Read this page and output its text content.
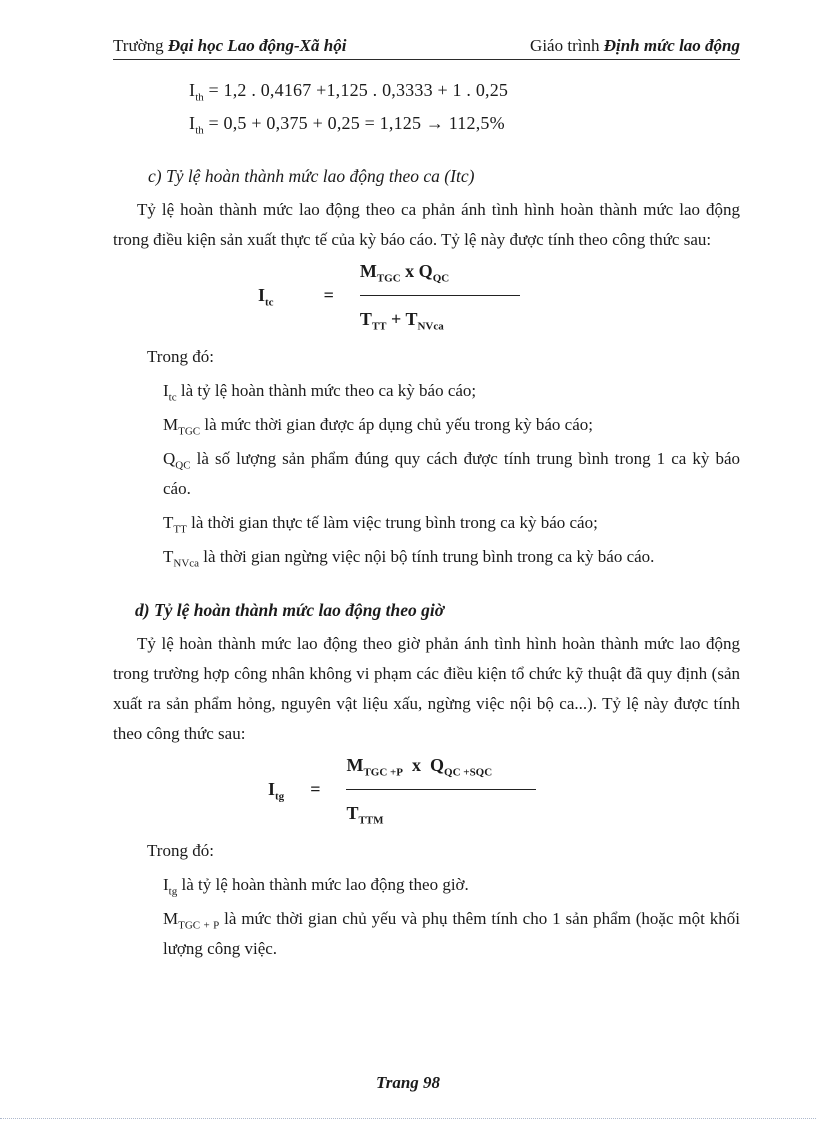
Trường Đại học Lao động-Xã hội	Giáo trình Định mức lao động

$I_{th} = 1,2$ . 0,4167 +1,125 . 0,3333 + 1 . 0,25

$I_{th} = 0,5 + 0,375 + 0,25 = 1,125 \to 112,5\%$

c) Tỷ lệ hoàn thành mức lao động theo ca (Itc)

Tỷ lệ hoàn thành mức lao động theo ca phản ánh tình hình hoàn thành mức lao động trong điều kiện sản xuất thực tế của kỳ báo cáo. Tỷ lệ này được tính theo công thức sau:

$I_{tc}$	= $\frac{M_{TGC} x Q_{QC}}{T_{TT} + T_{NVca}}$

Trong đó:

$I_{tc}$ là tỷ lệ hoàn thành mức theo ca kỳ báo cáo;

$M_{TGC}$ là mức thời gian được áp dụng chủ yếu trong kỳ báo cáo;

$Q_{QC}$ là số lượng sản phẩm đúng quy cách được tính trung bình trong 1 ca kỳ báo cáo.

$T_{TT}$ là thời gian thực tế làm việc trung bình trong ca kỳ báo cáo;

$T_{NVca}$ là thời gian ngừng việc nội bộ tính trung bình trong ca kỳ báo cáo.

d) Tỷ lệ hoàn thành mức lao động theo giờ

Tỷ lệ hoàn thành mức lao động theo giờ phản ánh tình hình hoàn thành mức lao động trong trường hợp công nhân không vi phạm các điều kiện tổ chức kỹ thuật đã quy định (sản xuất ra sản phẩm hỏng, nguyên vật liệu xấu, ngừng việc nội bộ ca...). Tỷ lệ này được tính theo công thức sau:

$I_{tg} = \frac{M_{TGC +P} x Q_{QC +SQC}}{T_{TTM}}$

Trong đó:

$I_{tg}$ là tỷ lệ hoàn thành mức lao động theo giờ.

$M_{TGC + P}$ là mức thời gian chủ yếu và phụ thêm tính cho 1 sản phẩm (hoặc một khối lượng công việc.

Trang 98
